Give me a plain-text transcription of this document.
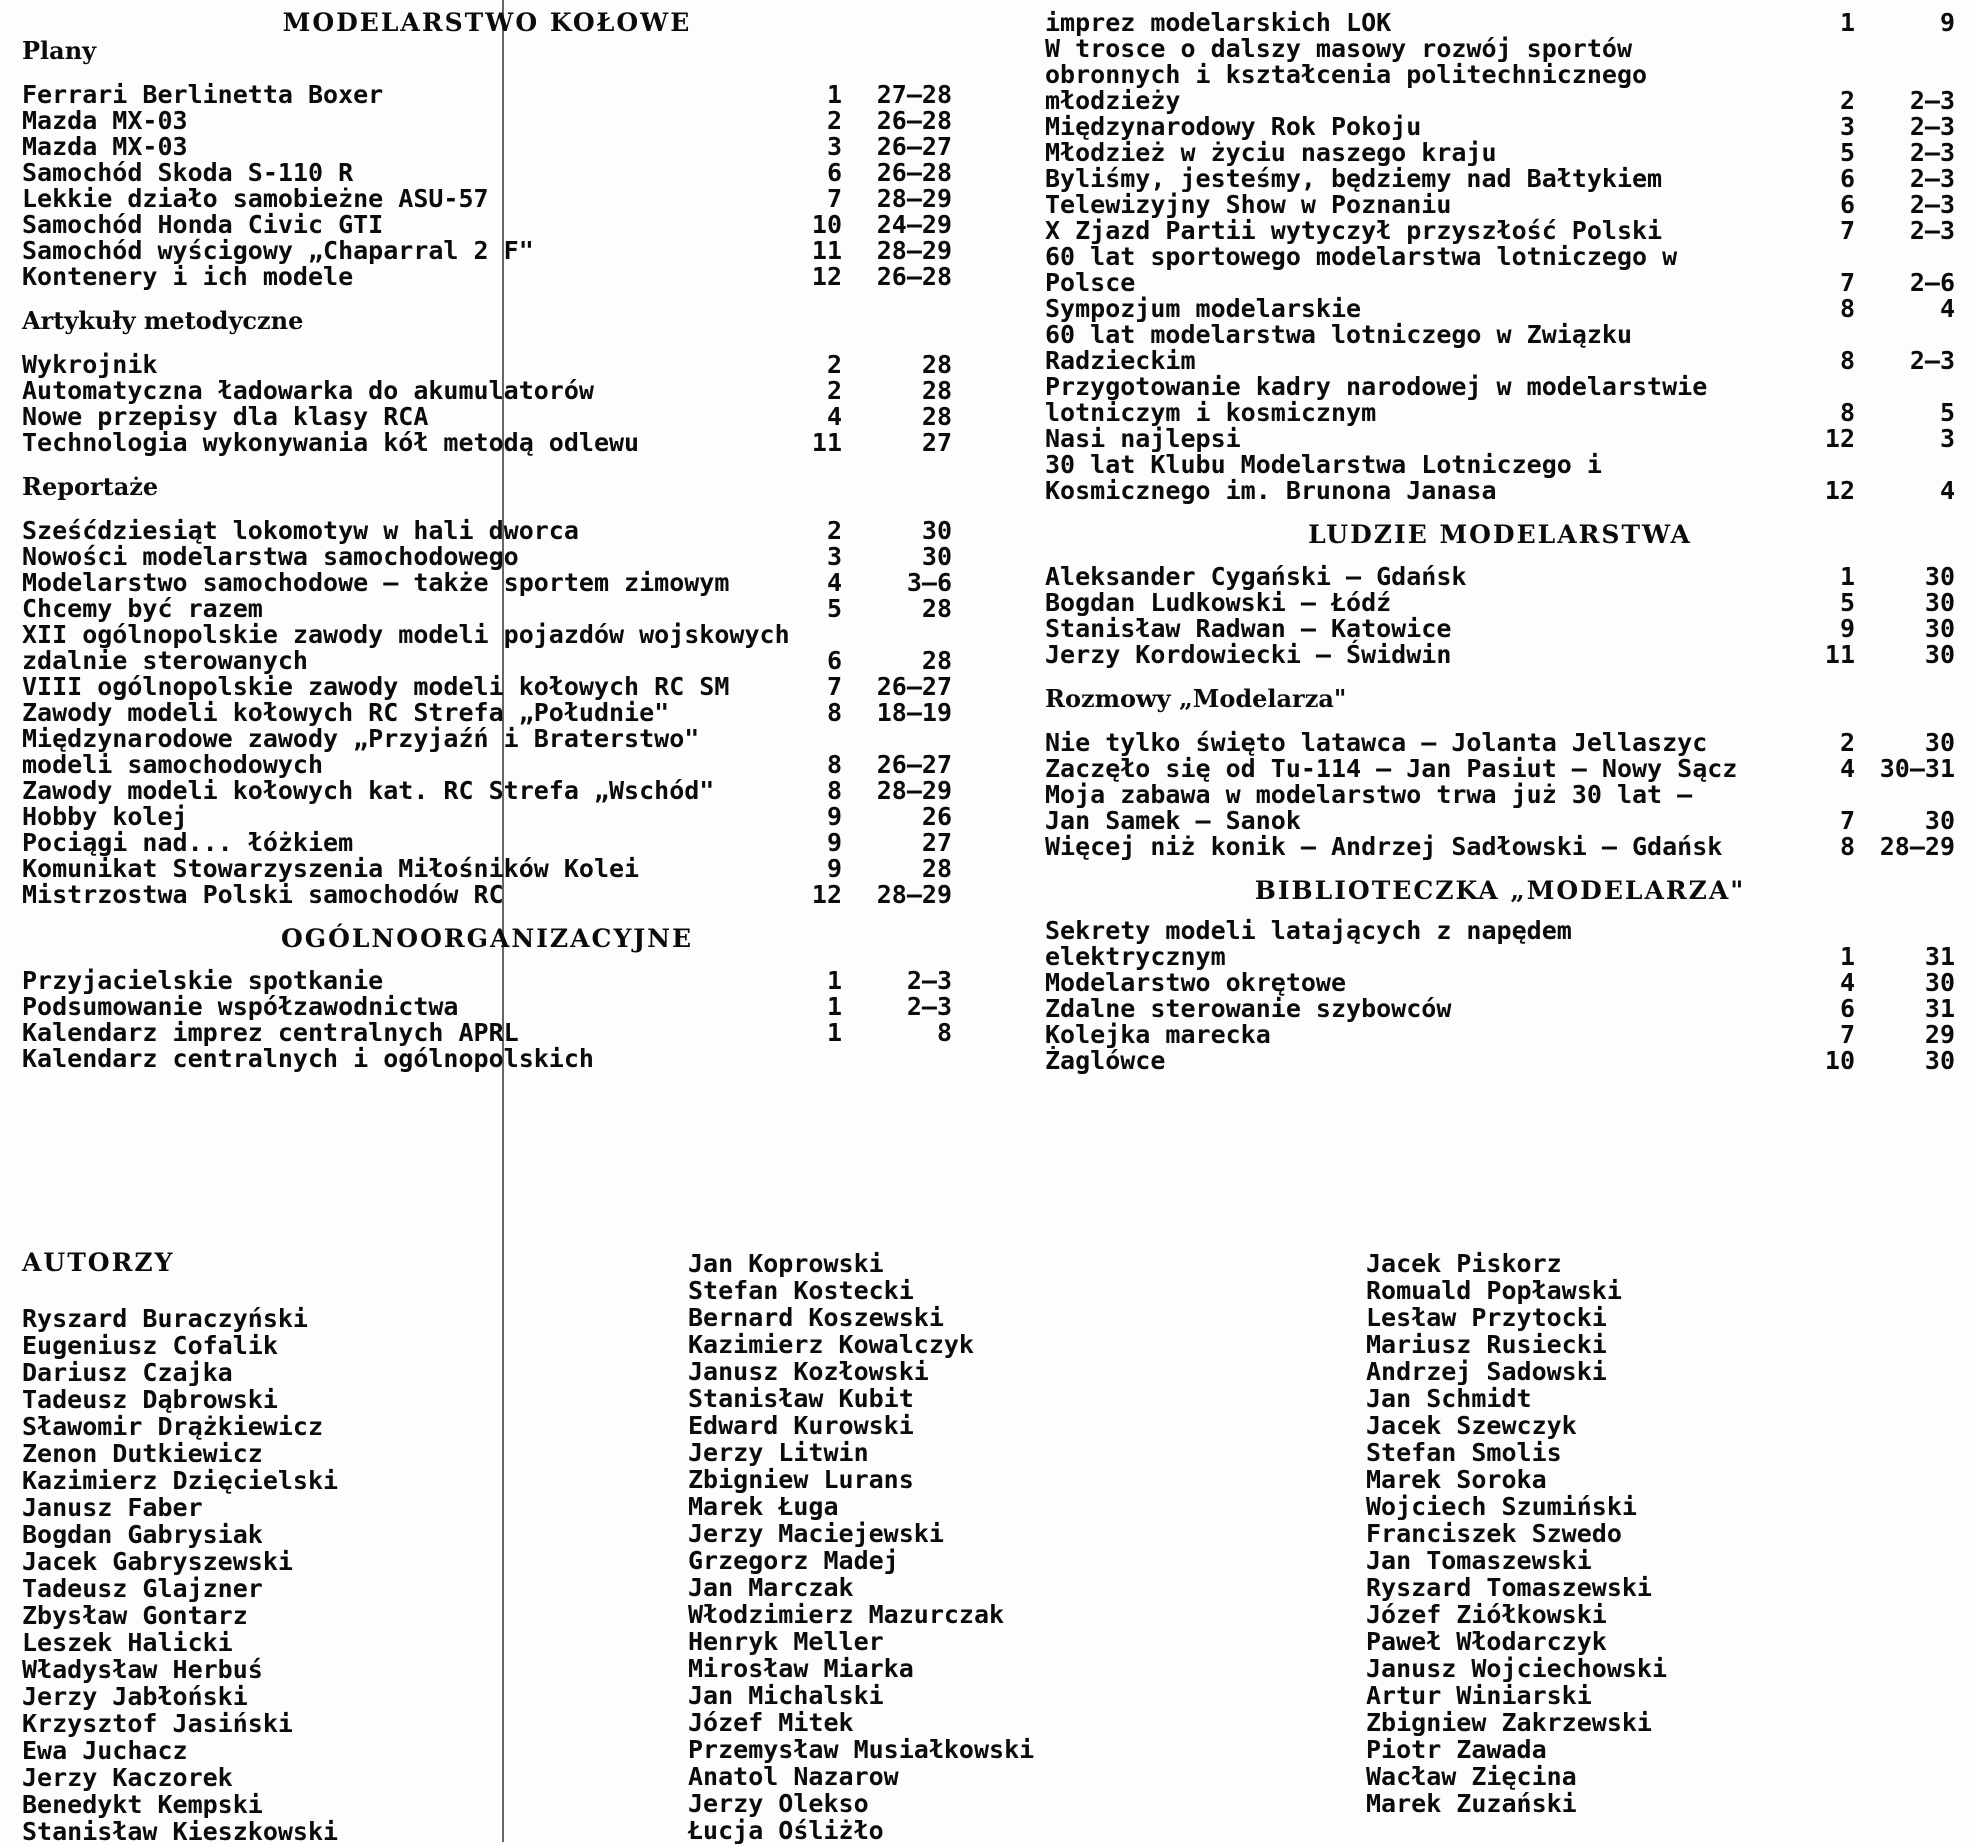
MODELARSTWO KOŁOWE
Plany
Ferrari Berlinetta Boxer	1	27—28
Mazda MX-03	2	26—28
Mazda MX-03	3	26—27
Samochód Skoda S-110 R	6	26—28
Lekkie działo samobieżne ASU-57	7	28—29
Samochód Honda Civic GTI	10	24—29
Samochód wyścigowy „Chaparral 2 F"	11	28—29
Kontenery i ich modele	12	26—28
Artykuły metodyczne
Wykrojnik	2	28
Automatyczna ładowarka do akumulatorów	2	28
Nowe przepisy dla klasy RCA	4	28
Technologia wykonywania kół metodą odlewu	11	27
Reportaże
Sześćdziesiąt lokomotyw w hali dworca	2	30
Nowości modelarstwa samochodowego	3	30
Modelarstwo samochodowe — także sportem zimowym	4	3—6
Chcemy być razem	5	28
XII ogólnopolskie zawody modeli pojazdów wojskowych zdalnie sterowanych	6	28
VIII ogólnopolskie zawody modeli kołowych RC SM	7	26—27
Zawody modeli kołowych RC Strefa „Południe"	8	18—19
Międzynarodowe zawody „Przyjaźń i Braterstwo" modeli samochodowych	8	26—27
Zawody modeli kołowych kat. RC Strefa „Wschód"	8	28—29
Hobby kolej	9	26
Pociągi nad... łóżkiem	9	27
Komunikat Stowarzyszenia Miłośników Kolei	9	28
Mistrzostwa Polski samochodów RC	12	28—29
OGÓLNOORGANIZACYJNE
Przyjacielskie spotkanie	1	2—3
Podsumowanie współzawodnictwa	1	2—3
Kalendarz imprez centralnych APRL	1	8
Kalendarz centralnych i ogólnopolskich
imprez modelarskich LOK	1	9
W trosce o dalszy masowy rozwój sportów obronnych i kształcenia politechnicznego młodzieży	2	2—3
Międzynarodowy Rok Pokoju	3	2—3
Młodzież w życiu naszego kraju	5	2—3
Byliśmy, jesteśmy, będziemy nad Bałtykiem	6	2—3
Telewizyjny Show w Poznaniu	6	2—3
X Zjazd Partii wytyczył przyszłość Polski	7	2—3
60 lat sportowego modelarstwa lotniczego w Polsce	7	2—6
Sympozjum modelarskie	8	4
60 lat modelarstwa lotniczego w Związku Radzieckim	8	2—3
Przygotowanie kadry narodowej w modelarstwie lotniczym i kosmicznym	8	5
Nasi najlepsi	12	3
30 lat Klubu Modelarstwa Lotniczego i Kosmicznego im. Brunona Janasa	12	4
LUDZIE MODELARSTWA
Aleksander Cygański — Gdańsk	1	30
Bogdan Ludkowski — Łódź	5	30
Stanisław Radwan — Katowice	9	30
Jerzy Kordowiecki — Świdwin	11	30
Rozmowy „Modelarza"
Nie tylko święto latawca — Jolanta Jellaszyc	2	30
Zaczęło się od Tu-114 — Jan Pasiut — Nowy Sącz	4 30—31
Moja zabawa w modelarstwo trwa już 30 lat — Jan Samek — Sanok	7	30
Więcej niż konik — Andrzej Sadłowski — Gdańsk	8 28—29
BIBLIOTECZKA „MODELARZA"
Sekrety modeli latających z napędem elektrycznym	1	31
Modelarstwo okrętowe	4	30
Zdalne sterowanie szybowców	6	31
Kolejka marecka	7	29
Żaglówce	10	30
AUTORZY
Ryszard Buraczyński
Eugeniusz Cofalik
Dariusz Czajka
Tadeusz Dąbrowski
Sławomir Drążkiewicz
Zenon Dutkiewicz
Kazimierz Dzięcielski
Janusz Faber
Bogdan Gabrysiak
Jacek Gabryszewski
Tadeusz Glajzner
Zbysław Gontarz
Leszek Halicki
Władysław Herbuś
Jerzy Jabłoński
Krzysztof Jasiński
Ewa Juchacz
Jerzy Kaczorek
Benedykt Kempski
Stanisław Kieszkowski
Jan Koprowski
Stefan Kostecki
Bernard Koszewski
Kazimierz Kowalczyk
Janusz Kozłowski
Stanisław Kubit
Edward Kurowski
Jerzy Litwin
Zbigniew Lurans
Marek Ługa
Jerzy Maciejewski
Grzegorz Madej
Jan Marczak
Włodzimierz Mazurczak
Henryk Meller
Mirosław Miarka
Jan Michalski
Józef Mitek
Przemysław Musiałkowski
Anatol Nazarow
Jerzy Olekso
Łucja Ośliżło
Jacek Piskorz
Romuald Popławski
Lesław Przytocki
Mariusz Rusiecki
Andrzej Sadowski
Jan Schmidt
Jacek Szewczyk
Stefan Smolis
Marek Soroka
Wojciech Szumiński
Franciszek Szwedo
Jan Tomaszewski
Ryszard Tomaszewski
Józef Ziółkowski
Paweł Włodarczyk
Janusz Wojciechowski
Artur Winiarski
Zbigniew Zakrzewski
Piotr Zawada
Wacław Zięcina
Marek Zuzański
